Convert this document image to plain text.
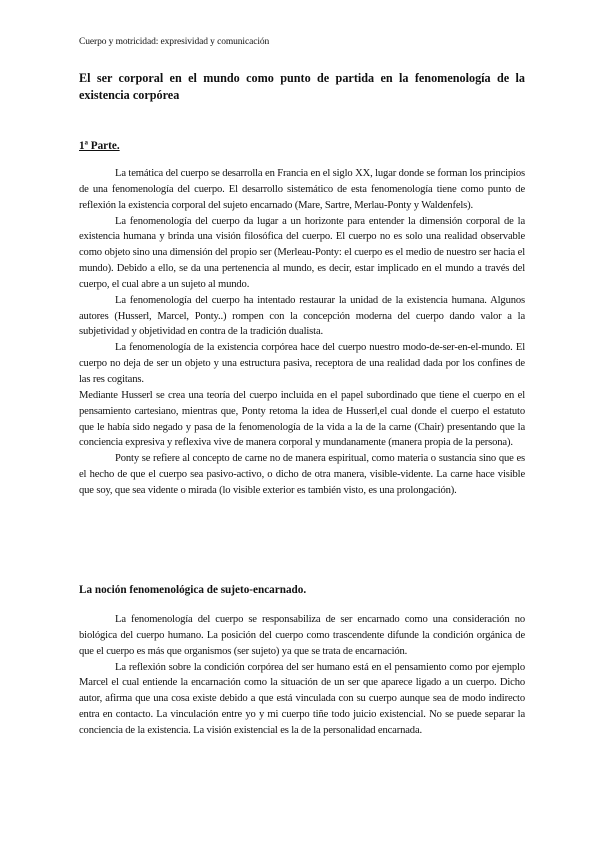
Cuerpo y motricidad: expresividad y comunicación
El ser corporal en el mundo como punto de partida en la fenomenología de la existencia corpórea
1ª Parte.

La temática del cuerpo se desarrolla en Francia en el siglo XX, lugar donde se forman los principios de una fenomenología del cuerpo. El desarrollo sistemático de esta fenomenología tiene como punto de reflexión la existencia corporal del sujeto encarnado (Mare, Sartre, Merlau-Ponty y Waldenfels).

La fenomenología del cuerpo da lugar a un horizonte para entender la dimensión corporal de la existencia humana y brinda una visión filosófica del cuerpo. El cuerpo no es solo una realidad observable como objeto sino una dimensión del propio ser (Merleau-Ponty: el cuerpo es el medio de nuestro ser hacia el mundo). Debido a ello, se da una pertenencia al mundo, es decir, estar implicado en el mundo a través del cuerpo, el cual abre a un sujeto al mundo.

La fenomenología del cuerpo ha intentado restaurar la unidad de la existencia humana. Algunos autores (Husserl, Marcel, Ponty..) rompen con la concepción moderna del cuerpo dando valor a la subjetividad y objetividad en contra de la tradición dualista.

La fenomenología de la existencia corpórea hace del cuerpo nuestro modo-de-ser-en-el-mundo. El cuerpo no deja de ser un objeto y una estructura pasiva, receptora de una realidad dada por los confines de las res cogitans.

Mediante Husserl se crea una teoría del cuerpo incluida en el papel subordinado que tiene el cuerpo en el pensamiento cartesiano, mientras que, Ponty retoma la idea de Husserl,el cual donde el cuerpo el estatuto que le había sido negado y pasa de la fenomenología de la vida a la de la carne (Chair) presentando que la conciencia expresiva y reflexiva vive de manera corporal y mundanamente (manera propia de la persona).

Ponty se refiere al concepto de carne no de manera espiritual, como materia o sustancia sino que es el hecho de que el cuerpo sea pasivo-activo, o dicho de otra manera, visible-vidente. La carne hace visible que soy, que sea vidente o mirada (lo visible exterior es también visto, es una prolongación).

La noción fenomenológica de sujeto-encarnado.

La fenomenología del cuerpo se responsabiliza de ser encarnado como una consideración no biológica del cuerpo humano. La posición del cuerpo como trascendente difunde la condición orgánica de que el cuerpo es más que organismos (ser sujeto) ya que se trata de encarnación.

La reflexión sobre la condición corpórea del ser humano está en el pensamiento como por ejemplo Marcel el cual entiende la encarnación como la situación de un ser que aparece ligado a un cuerpo. Dicho autor, afirma que una cosa existe debido a que está vinculada con su cuerpo aunque sea de modo indirecto entra en contacto. La vinculación entre yo y mi cuerpo tiñe todo juicio existencial. No se puede separar la conciencia de la existencia. La visión existencial es la de la personalidad encarnada.
